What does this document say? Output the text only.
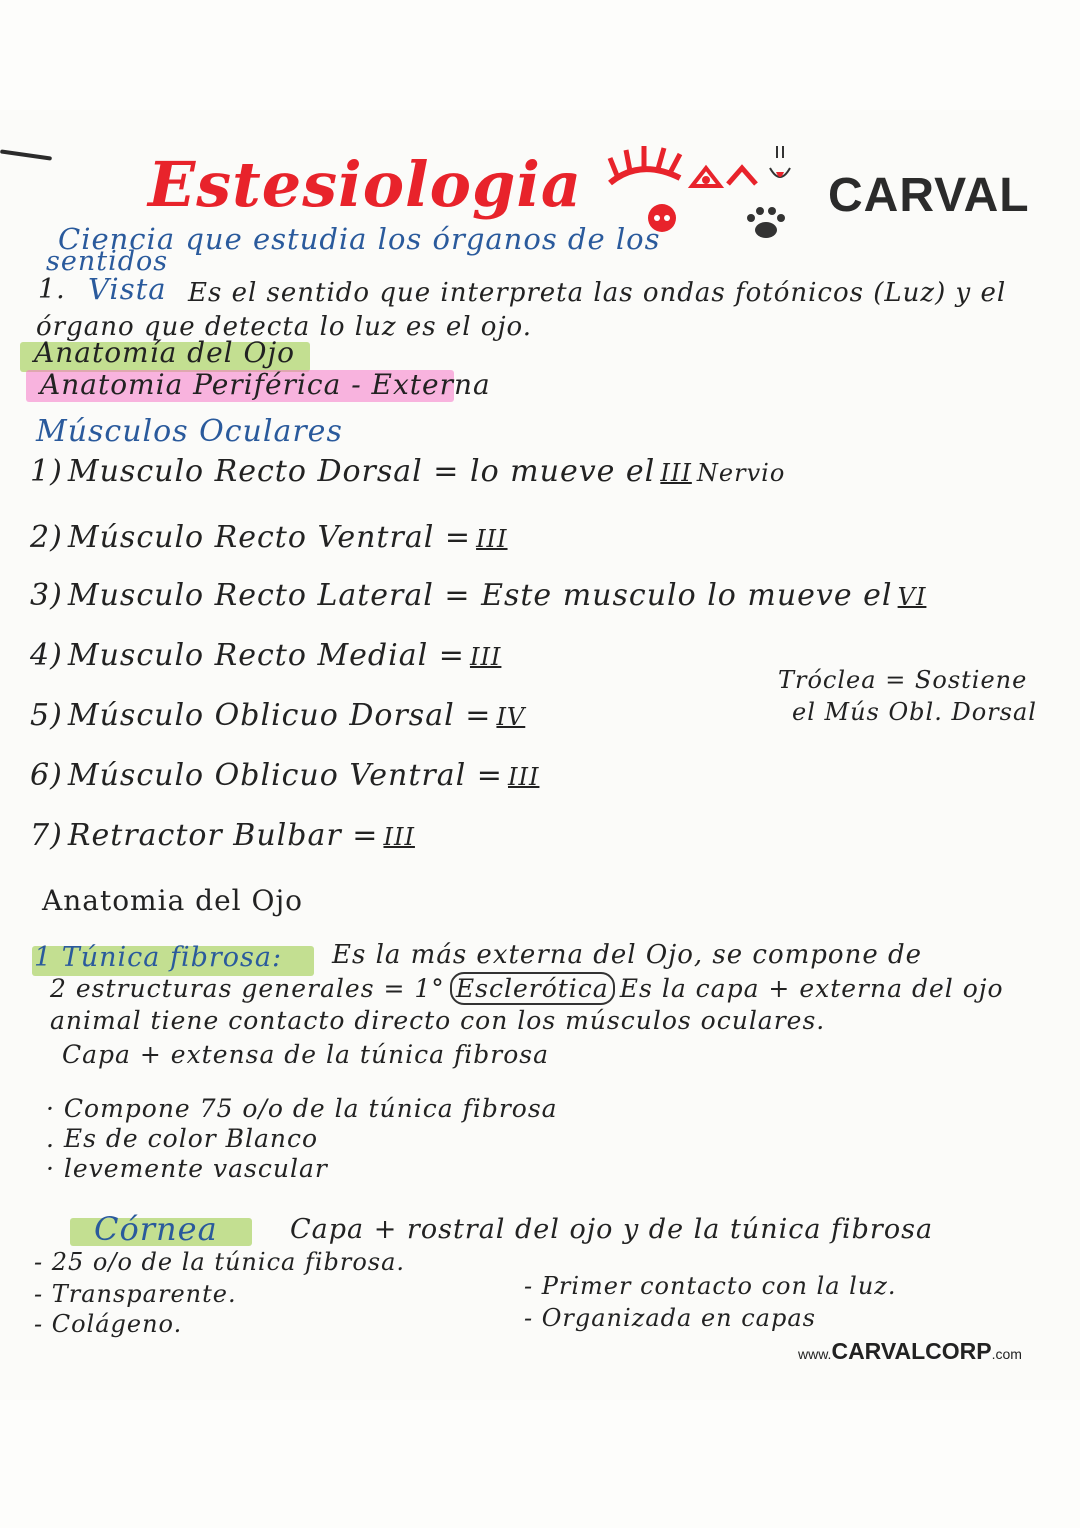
Estesiologia	CARVAL
Ciencia que estudia los órganos de los
sentidos
1. Vista Es el sentido que interpreta las ondas fotónicos (Luz) y el
órgano que detecta lo luz es el ojo.
Anatomía del Ojo
Anatomia Periférica - Externa
Músculos Oculares
1) Musculo Recto Dorsal = lo mueve el III Nervio
2) Músculo Recto Ventral = III
3) Musculo Recto Lateral = Este musculo lo mueve el VI
4) Musculo Recto Medial = III
5) Músculo Oblicuo Dorsal = IV
6) Músculo Oblicuo Ventral = III
7) Retractor Bulbar = III
Tróclea = Sostiene
el Mús Obl. Dorsal
Anatomia del Ojo
1 Túnica fibrosa: Es la más externa del Ojo, se compone de
2 estructuras generales = 1° Esclerótica Es la capa + externa del ojo
animal tiene contacto directo con los músculos oculares.
Capa + extensa de la túnica fibrosa
· Compone 75 o/o de la túnica fibrosa
. Es de color Blanco
· levemente vascular
Córnea	Capa + rostral del ojo y de la túnica fibrosa
- 25 o/o de la túnica fibrosa.
- Transparente.
- Colágeno.
- Primer contacto con la luz.
- Organizada en capas
www.CARVALCORP.com
